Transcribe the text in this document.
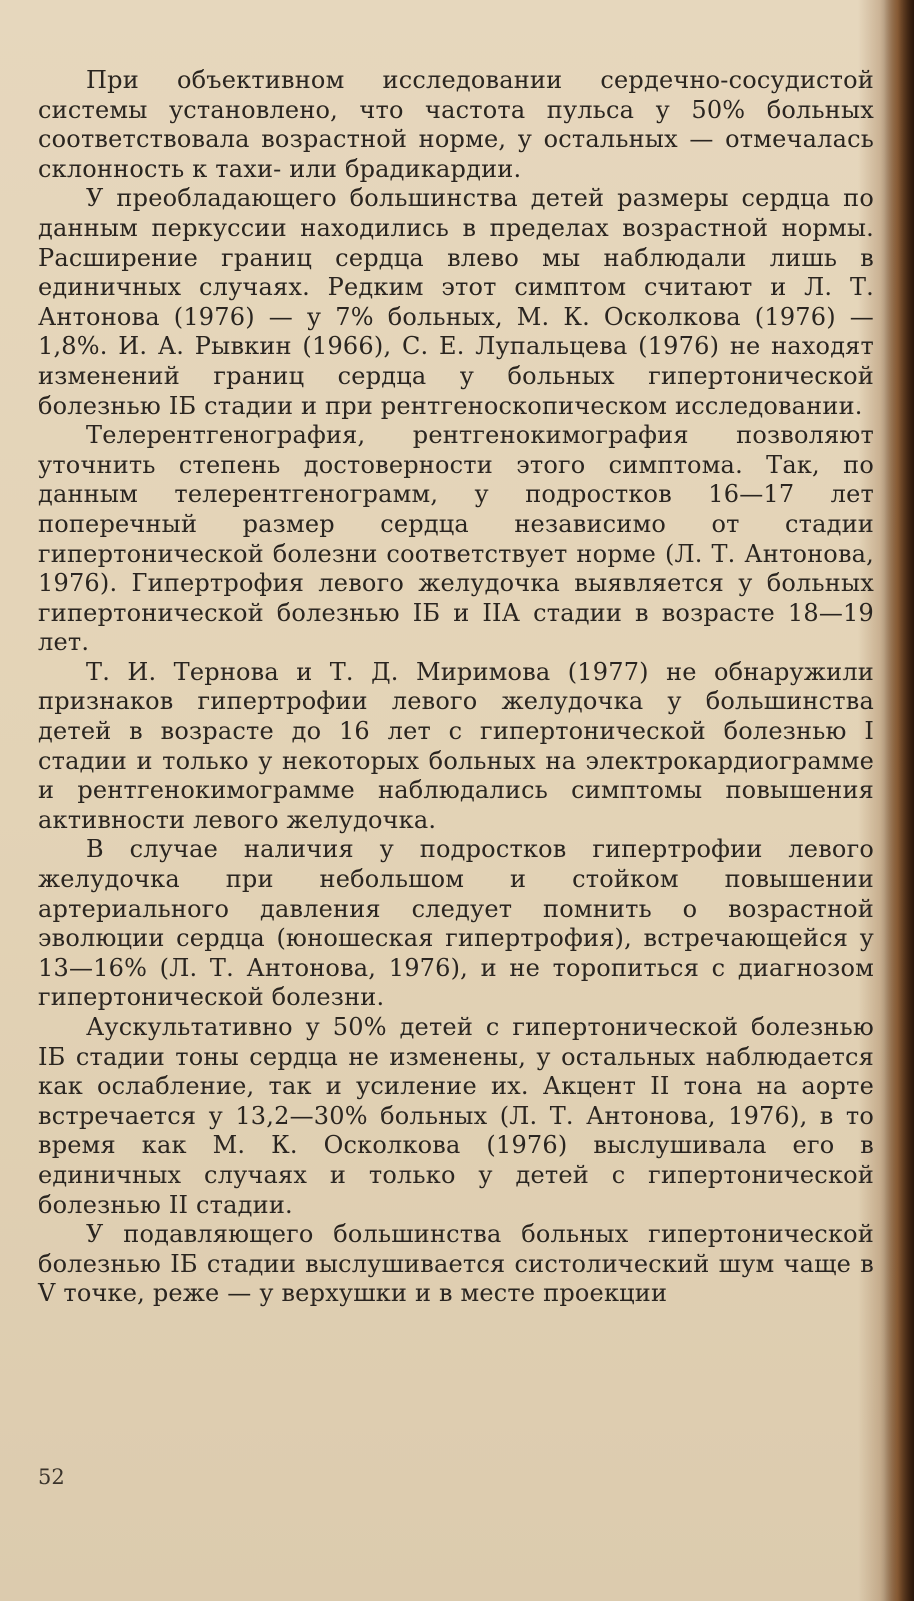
При объективном исследовании сердечно-сосудистой системы установлено, что частота пульса у 50% больных соответствовала возрастной норме, у остальных — отмечалась склонность к тахи- или брадикардии.

У преобладающего большинства детей размеры сердца по данным перкуссии находились в пределах возрастной нормы. Расширение границ сердца влево мы наблюдали лишь в единичных случаях. Редким этот симптом считают и Л. Т. Антонова (1976) — у 7% больных, М. К. Осколкова (1976) — 1,8%. И. А. Рывкин (1966), С. Е. Лупальцева (1976) не находят изменений границ сердца у больных гипертонической болезнью IБ стадии и при рентгеноскопическом исследовании.

Телерентгенография, рентгенокимография позволяют уточнить степень достоверности этого симптома. Так, по данным телерентгенограмм, у подростков 16—17 лет поперечный размер сердца независимо от стадии гипертонической болезни соответствует норме (Л. Т. Антонова, 1976). Гипертрофия левого желудочка выявляется у больных гипертонической болезнью IБ и IIА стадии в возрасте 18—19 лет.

Т. И. Тернова и Т. Д. Миримова (1977) не обнаружили признаков гипертрофии левого желудочка у большинства детей в возрасте до 16 лет с гипертонической болезнью I стадии и только у некоторых больных на электрокардиограмме и рентгенокимограмме наблюдались симптомы повышения активности левого желудочка.

В случае наличия у подростков гипертрофии левого желудочка при небольшом и стойком повышении артериального давления следует помнить о возрастной эволюции сердца (юношеская гипертрофия), встречающейся у 13—16% (Л. Т. Антонова, 1976), и не торопиться с диагнозом гипертонической болезни.

Аускультативно у 50% детей с гипертонической болезнью IБ стадии тоны сердца не изменены, у остальных наблюдается как ослабление, так и усиление их. Акцент II тона на аорте встречается у 13,2—30% больных (Л. Т. Антонова, 1976), в то время как М. К. Осколкова (1976) выслушивала его в единичных случаях и только у детей с гипертонической болезнью II стадии.

У подавляющего большинства больных гипертонической болезнью IБ стадии выслушивается систолический шум чаще в V точке, реже — у верхушки и в месте проекции

52
